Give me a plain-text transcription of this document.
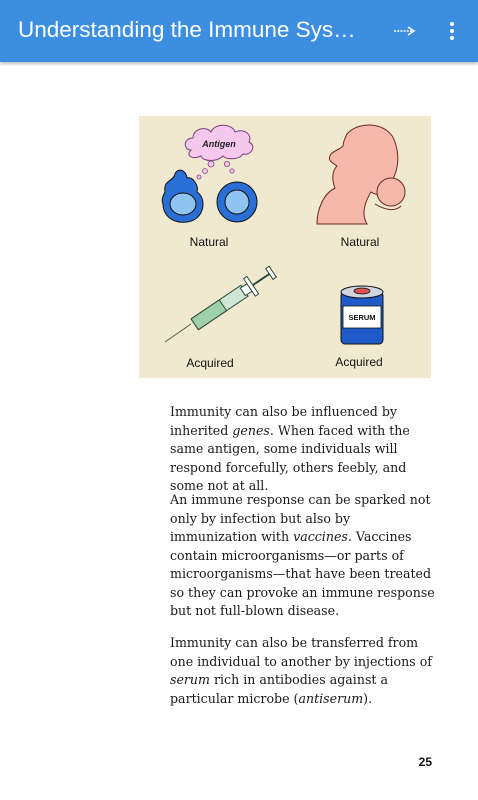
Understanding the Immune Sys…
Antigen
SERUM
Natural	Natural
Acquired	Acquired

Immunity can also be influenced by inherited genes. When faced with the same antigen, some individuals will respond forcefully, others feebly, and some not at all.

An immune response can be sparked not only by infection but also by immunization with vaccines. Vaccines contain microorganisms—or parts of microorganisms—that have been treated so they can provoke an immune response but not full-blown disease.

Immunity can also be transferred from one individual to another by injections of serum rich in antibodies against a particular microbe (antiserum).

25
